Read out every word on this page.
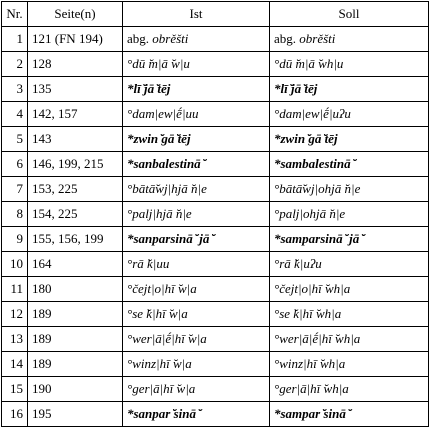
Nr.	Seite(n)	Ist	Soll
1	121 (FN 194)	abg. obrěšti	abg. obrěšti
2	128	°dū ̆m|ā ̆w|u	°dū ̆m|ā ̆wh|u
3	135	*lī ̆jā ̆tēj	*lī ̆jā ̆tēj
4	142, 157	°dam|ew|ḗ|uu	°dam|ew|ḗ|uʔu
5	143	*zwin ̆gā ̆tēj	*zwin ̆gā ̆tēj
6	146, 199, 215	*sanbalestinā ̆	*sambalestinā ̆
7	153, 225	°bātā̆wj|hjā ̆n|e	°bātā̆wj|ohjā ̆n|e
8	154, 225	°palj|hjā ̆n|e	°palj|ohjā ̆n|e
9	155, 156, 199	*sanparsinā ̆ jā ̆	*samparsinā ̆ jā ̆
10	164	°rā ̆k|uu	°rā ̆k|uʔu
11	180	°čejt|o|hī ̆w|a	°čejt|o|hī ̆wh|a
12	189	°se ̆k|hī ̆w|a	°se ̆k|hī ̆wh|a
13	189	°wer|ā|ḗ|hī ̆w|a	°wer|ā|ḗ|hī ̆wh|a
14	189	°winz|hī ̆w|a	°winz|hī ̆wh|a
15	190	°ger|ā|hī ̆w|a	°ger|ā|hī ̆wh|a
16	195	*sanpar ̆sinā ̆	*sampar ̆sinā ̆
